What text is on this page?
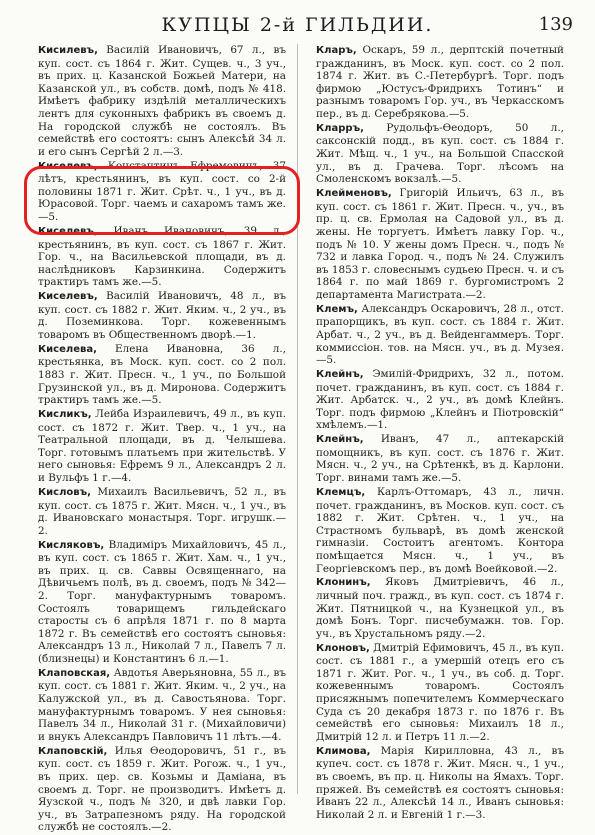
КУПЦЫ 2-й ГИЛЬДИИ.	139

Кисилевъ, Василій Ивановичъ, 67 л., въ куп. сост. съ 1864 г. Жит. Сущев. ч., 3 уч., въ прих. ц. Казанской Божьей Матери, на Казанской ул., въ собств. домѣ, подъ № 418. Имѣетъ фабрику издѣлій металлическихъ лентъ для суконныхъ фабрикъ въ своемъ д. На городской службѣ не состоялъ. Въ семействѣ его состоятъ: сынъ Алексѣй 34 л. и его сынъ Сергѣй 2 л.—3.

Киселевъ, Константинъ Ефремовичъ, 37 лѣтъ, крестьянинъ, въ куп. сост. со 2-й половины 1871 г. Жит. Срѣт. ч., 1 уч., въ д. Юрасовой. Торг. чаемъ и сахаромъ тамъ же.—5.

Киселевъ, Иванъ Ивановичъ, 39 л., крестьянинъ, въ куп. сост. съ 1867 г. Жит. Гор. ч., на Васильевской площади, въ д. наслѣдниковъ Карзинкина. Содержитъ трактиръ тамъ же.—5.

Киселевъ, Василій Ивановичъ, 48 л., въ куп. сост. съ 1882 г. Жит. Яким. ч., 2 уч., въ д. Поземинкова. Торг. кожевеннымъ товаромъ въ Общественномъ дворѣ.—1.

Киселева, Елена Ивановна, 36 л., крестьянка, въ Моск. куп. сост. со 2 пол. 1883 г. Жит. Пресн. ч., 1 уч., по Большой Грузинской ул., въ д. Миронова. Содержитъ трактиръ тамъ же.—5.

Кисликъ, Лейба Израилевичъ, 49 л., въ куп. сост. съ 1872 г. Жит. Твер. ч., 1 уч., на Театральной площади, въ д. Челышева. Торг. готовымъ платьемъ при жительствѣ. У него сыновья: Ефремъ 9 л., Александръ 2 л. и Вульфъ 1 г.—4.

Кисловъ, Михаилъ Васильевичъ, 52 л., въ куп. сост. съ 1875 г. Жит. Мясн. ч., 1 уч., въ д. Ивановскаго монастыря. Торг. игрушк.—2.

Кисляковъ, Владиміръ Михайловичъ, 45 л., въ куп. сост. съ 1865 г. Жит. Хам. ч., 1 уч., въ прих. ц. св. Саввы Освященнаго, на Дѣвичьемъ полѣ, въ д. своемъ, подъ № 342—2. Торг. мануфактурнымъ товаромъ. Состоялъ товарищемъ гильдейскаго старосты съ 6 апрѣля 1871 г. по 8 марта 1872 г. Въ семействѣ его состоятъ сыновья: Александръ 13 л., Николай 7 л., Павелъ 7 л. (близнецы) и Константинъ 6 л.—1.

Клаповская, Авдотья Аверьяновна, 55 л., въ куп. сост. съ 1881 г. Жит. Яким. ч., 2 уч., на Калужской ул., въ д. Савостьянова. Торг. мануфактурнымъ товаромъ. У нея сыновья: Павелъ 34 л., Николай 31 г. (Михайловичи) и внукъ Александръ Павловичъ 11 лѣтъ.—4.

Клаповскій, Илья Ѳеодоровичъ, 51 г., въ куп. сост. съ 1859 г. Жит. Рогож. ч., 1 уч., въ прих. цер. св. Козьмы и Даміана, въ своемъ д. Торг. не производитъ. Имѣетъ д. Яузской ч., подъ № 320, и двѣ лавки Гор. уч., въ Затрапезномъ ряду. На городской службѣ не состоялъ.—2.

Кларъ, Оскаръ, 59 л., дерптскій почетный гражданинъ, въ Моск. куп. сост. со 2 пол. 1874 г. Жит. въ С.-Петербургѣ. Торг. подъ фирмою „Юстусъ-Фридрихъ Тотинъ“ и разнымъ товаромъ Гор. уч., въ Черкасскомъ пер., въ д. Серебрякова.—5.

Кларръ, Рудольфъ-Ѳеодоръ, 50 л., саксонскій подд., въ куп. сост. съ 1884 г. Жит. Мѣщ. ч., 1 уч., на Большой Спасской ул., въ д. Грачева. Торг. лѣсомъ на Смоленскомъ вокзалѣ.—5.

Клейменовъ, Григорій Ильичъ, 63 л., въ куп. сост. съ 1861 г. Жит. Пресн. ч., уч., въ пр. ц. св. Ермолая на Садовой ул., въ д. жены. Не торгуетъ. Имѣетъ лавку Гор. ч., подъ № 10. У жены домъ Пресн. ч., подъ № 732 и лавка Город. ч., подъ № 24. Служилъ въ 1853 г. словеснымъ судьею Пресн. ч. и съ 1864 г. по май 1869 г. бургомистромъ 2 департамента Магистрата.—2.

Клемъ, Александръ Оскаровичъ, 28 л., отст. прапорщикъ, въ куп. сост. съ 1884 г. Жит. Арбат. ч., 2 уч., въ д. Вейденгаммеръ. Торг. коммиссіон. тов. на Мясн. уч., въ д. Музея.—5.

Клейнъ, Эмилій-Фридрихъ, 32 л., потом. почет. гражданинъ, въ куп. сост. съ 1884 г. Жит. Арбатск. ч., 2 уч., въ домѣ Клейнъ. Торг. подъ фирмою „Клейнъ и Піотровскій“ хмѣлемъ.—1.

Клейнъ, Иванъ, 47 л., аптекарскій помощникъ, въ куп. сост. съ 1876 г. Жит. Мясн. ч., 2 уч., на Срѣтенкѣ, въ д. Карлони. Торг. винами тамъ же.—5.

Клемцъ, Карлъ-Оттомаръ, 43 л., личн. почет. гражданинъ, въ Москов. куп. сост. съ 1882 г. Жит. Срѣтен. ч., 1 уч., на Страстномъ бульварѣ, въ домѣ женской гимназіи. Состоитъ агентомъ. Контора помѣщается Мясн. ч., 1 уч., въ Георгіевскомъ пер., въ домѣ Воейковой.—2.

Клонинъ, Яковъ Дмитріевичъ, 46 л., личный поч. гражд., въ куп. сост. съ 1874 г. Жит. Пятницкой ч., на Кузнецкой ул., въ домѣ Бонъ. Торг. писчебумажн. тов. Гор. уч., въ Хрустальномъ ряду.—2.

Клоновъ, Дмитрій Ефимовичъ, 45 л., въ куп. сост. съ 1881 г., а умершій отецъ его съ 1871 г. Жит. Рог. ч., 1 уч., въ соб. д. Торг. кожевеннымъ товаромъ. Состоялъ присяжнымъ попечителемъ Коммерческаго Суда съ 20 декабря 1873 г. по 1876 г. Въ семействѣ его сыновья: Михаилъ 18 л., Дмитрій 12 л. и Петръ 11 л.—2.

Климова, Марія Кирилловна, 43 л., въ купеч. сост. съ 1878 г. Жит. Мясн. ч., 1 уч., въ своемъ, въ пр. ц. Николы на Ямахъ. Торг. пряжей. Въ семействѣ ея состоятъ сыновья: Иванъ 22 л., Алексѣй 14 л., Иванъ сыновья: Николай 2 л. и Евгеній 1 г.—3.
